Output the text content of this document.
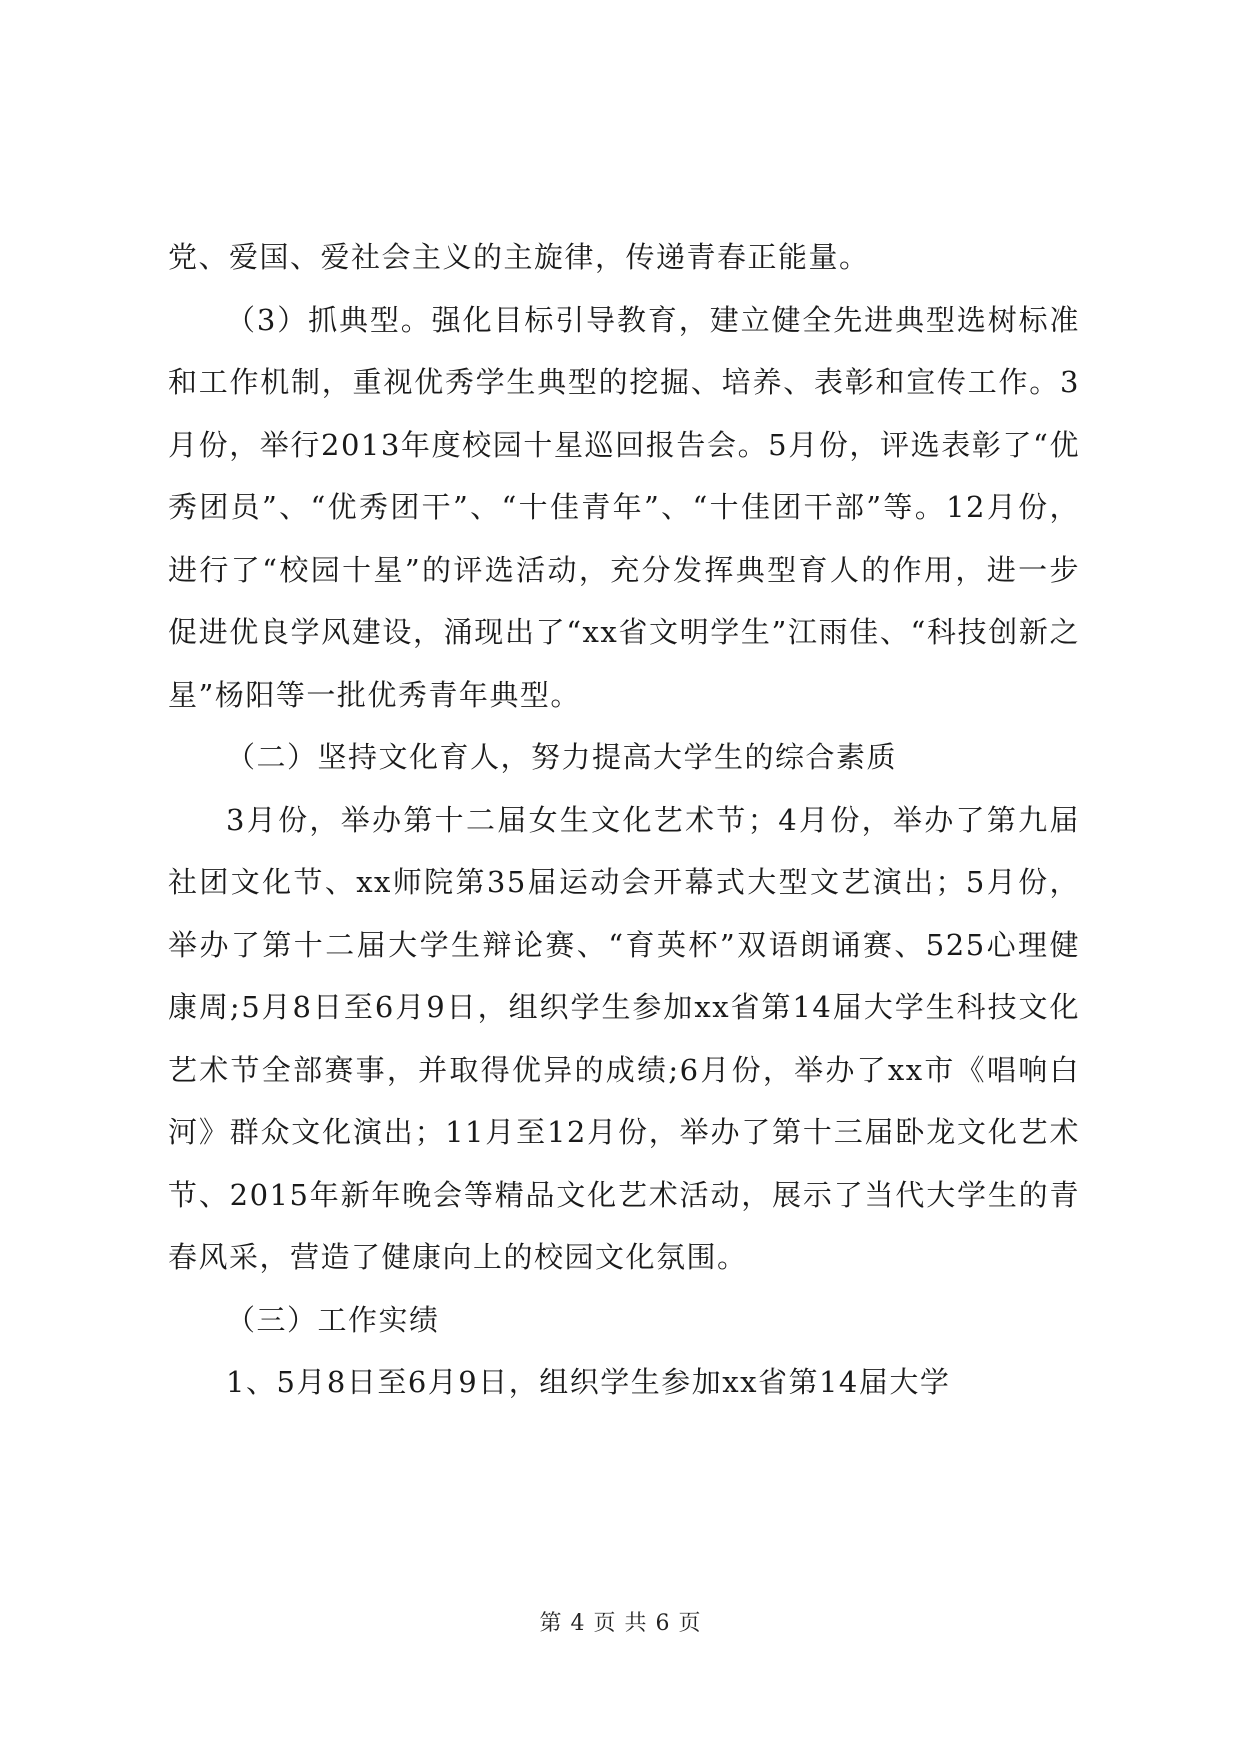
党、爱国、爱社会主义的主旋律，传递青春正能量。

（3）抓典型。强化目标引导教育，建立健全先进典型选树标准和工作机制，重视优秀学生典型的挖掘、培养、表彰和宣传工作。3月份，举行2013年度校园十星巡回报告会。5月份，评选表彰了“优秀团员”、“优秀团干”、“十佳青年”、“十佳团干部”等。12月份，进行了“校园十星”的评选活动，充分发挥典型育人的作用，进一步促进优良学风建设，涌现出了“xx省文明学生”江雨佳、“科技创新之星”杨阳等一批优秀青年典型。

（二）坚持文化育人，努力提高大学生的综合素质

3月份，举办第十二届女生文化艺术节；4月份，举办了第九届社团文化节、xx师院第35届运动会开幕式大型文艺演出；5月份，举办了第十二届大学生辩论赛、“育英杯”双语朗诵赛、525心理健康周;5月8日至6月9日，组织学生参加xx省第14届大学生科技文化艺术节全部赛事，并取得优异的成绩;6月份，举办了xx市《唱响白河》群众文化演出；11月至12月份，举办了第十三届卧龙文化艺术节、2015年新年晚会等精品文化艺术活动，展示了当代大学生的青春风采，营造了健康向上的校园文化氛围。

（三）工作实绩

1、5月8日至6月9日，组织学生参加xx省第14届大学

第 4 页 共 6 页
